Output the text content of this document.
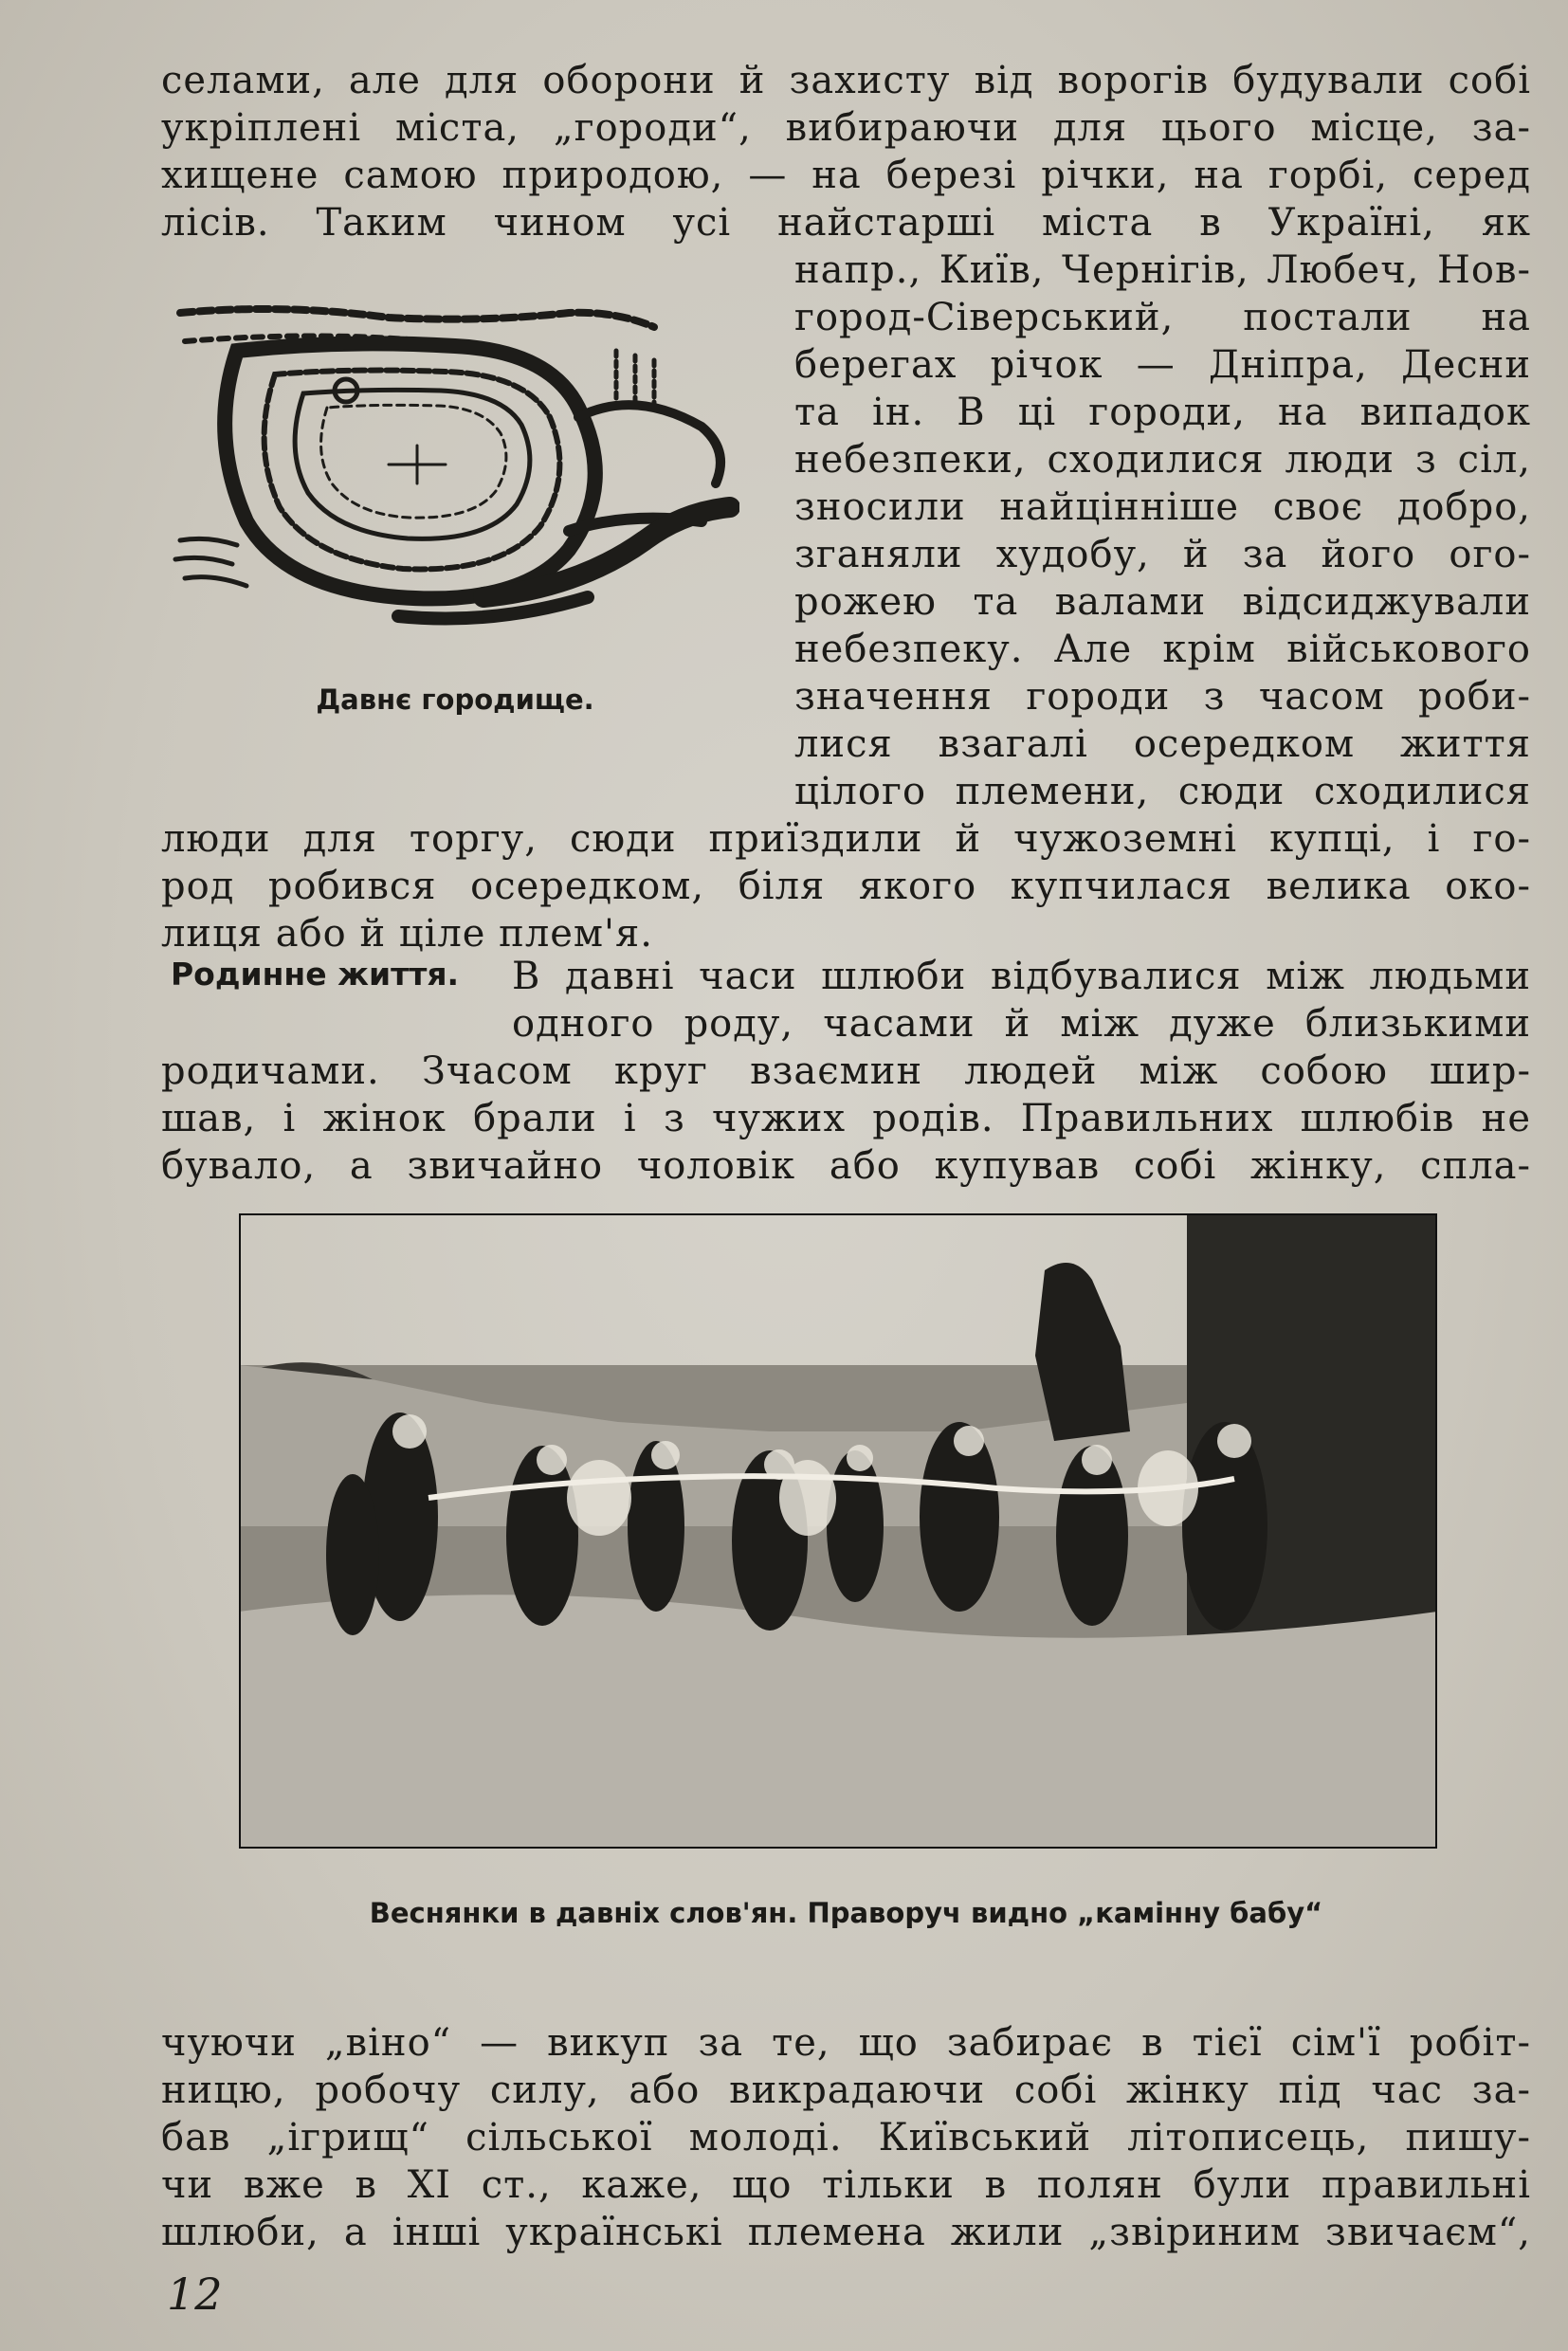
селами, але для оборони й захисту від ворогів будували собі
укріплені міста, „городи“, вибираючи для цього місце, за-
хищене самою природою, — на березі річки, на горбі, серед
лісів. Таким чином усі найстарші міста в Україні, як
Давнє городище.
напр., Київ, Чернігів, Любеч, Нов-
город-Сіверський, постали на
берегах річок — Дніпра, Десни
та ін. В ці городи, на випадок
небезпеки, сходилися люди з сіл,
зносили найцінніше своє добро,
зганяли худобу, й за його ого-
рожею та валами відсиджували
небезпеку. Але крім військового
значення городи з часом роби-
лися взагалі осередком життя
цілого племени, сюди сходилися
люди для торгу, сюди приїздили й чужоземні купці, і го-
род робився осередком, біля якого купчилася велика око-
лиця або й ціле плем'я.
Родинне життя. В давні часи шлюби відбувалися між людьми
одного роду, часами й між дуже близькими
родичами. Зчасом круг взаємин людей між собою шир-
шав, і жінок брали і з чужих родів. Правильних шлюбів не
бувало, а звичайно чоловік або купував собі жінку, спла-
Веснянки в давніх слов'ян. Праворуч видно „камінну бабу“
чуючи „віно“ — викуп за те, що забирає в тієї сім'ї робіт-
ницю, робочу силу, або викрадаючи собі жінку під час за-
бав „ігрищ“ сільської молоді. Київський літописець, пишу-
чи вже в XI ст., каже, що тільки в полян були правильні
шлюби, а інші українські племена жили „звіриним звичаєм“,
12
